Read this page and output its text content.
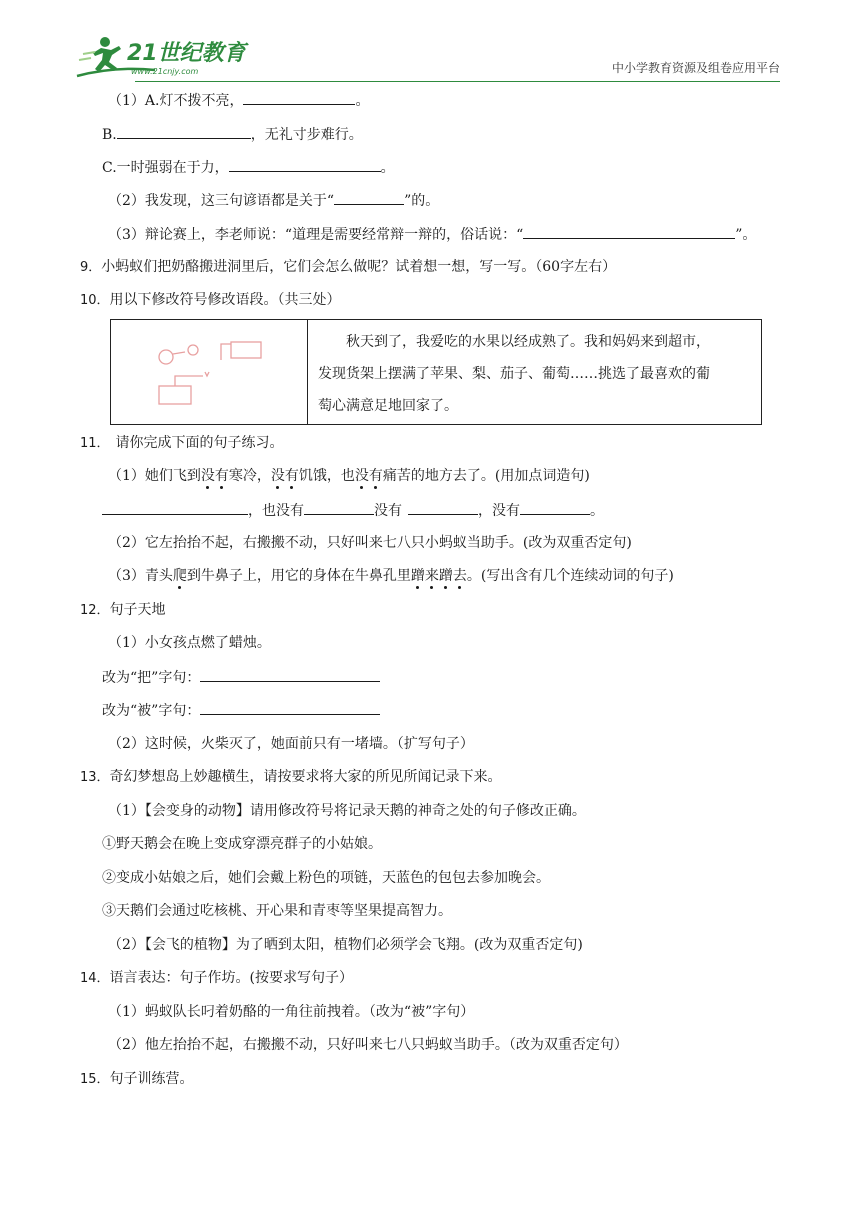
21世纪教育
www.21cnjy.com	中小学教育资源及组卷应用平台
（1）A.灯不拨不亮，	。
B.	，无礼寸步难行。
C.一时强弱在于力，	。
（2）我发现，这三句谚语都是关于“	”的。
（3）辩论赛上，李老师说：“道理是需要经常辩一辩的，俗话说：“	”。
9．小蚂蚁们把奶酪搬进洞里后，它们会怎么做呢？试着想一想，写一写。（60字左右）
10．用以下修改符号修改语段。（共三处）

秋天到了，我爱吃的水果以经成熟了。我和妈妈来到超市，

发现货架上摆满了苹果、梨、茄子、葡萄……挑选了最喜欢的葡

萄心满意足地回家了。

11． 请你完成下面的句子练习。
（1）她们飞到没有寒冷，没有饥饿，也没有痛苦的地方去了。(用加点词造句)
，也没有	没有	，没有	。
（2）它左抬抬不起，右搬搬不动，只好叫来七八只小蚂蚁当助手。(改为双重否定句)
（3）青头爬到牛鼻子上，用它的身体在牛鼻孔里蹭来蹭去。(写出含有几个连续动词的句子)
12．句子天地
（1）小女孩点燃了蜡烛。
改为“把”字句：
改为“被”字句：
（2）这时候，火柴灭了，她面前只有一堵墙。（扩写句子）
13．奇幻梦想岛上妙趣横生，请按要求将大家的所见所闻记录下来。
（1）【会变身的动物】请用修改符号将记录天鹅的神奇之处的句子修改正确。
①野天鹅会在晚上变成穿漂亮群子的小姑娘。
②变成小姑娘之后，她们会戴上粉色的项链，天蓝色的包包去参加晚会。
③天鹅们会通过吃核桃、开心果和青枣等坚果提高智力。
（2）【会飞的植物】为了晒到太阳，植物们必须学会飞翔。(改为双重否定句)
14．语言表达：句子作坊。(按要求写句子）
（1）蚂蚁队长叼着奶酪的一角往前拽着。（改为“被”字句）
（2）他左抬抬不起，右搬搬不动，只好叫来七八只蚂蚁当助手。（改为双重否定句）
15．句子训练营。
